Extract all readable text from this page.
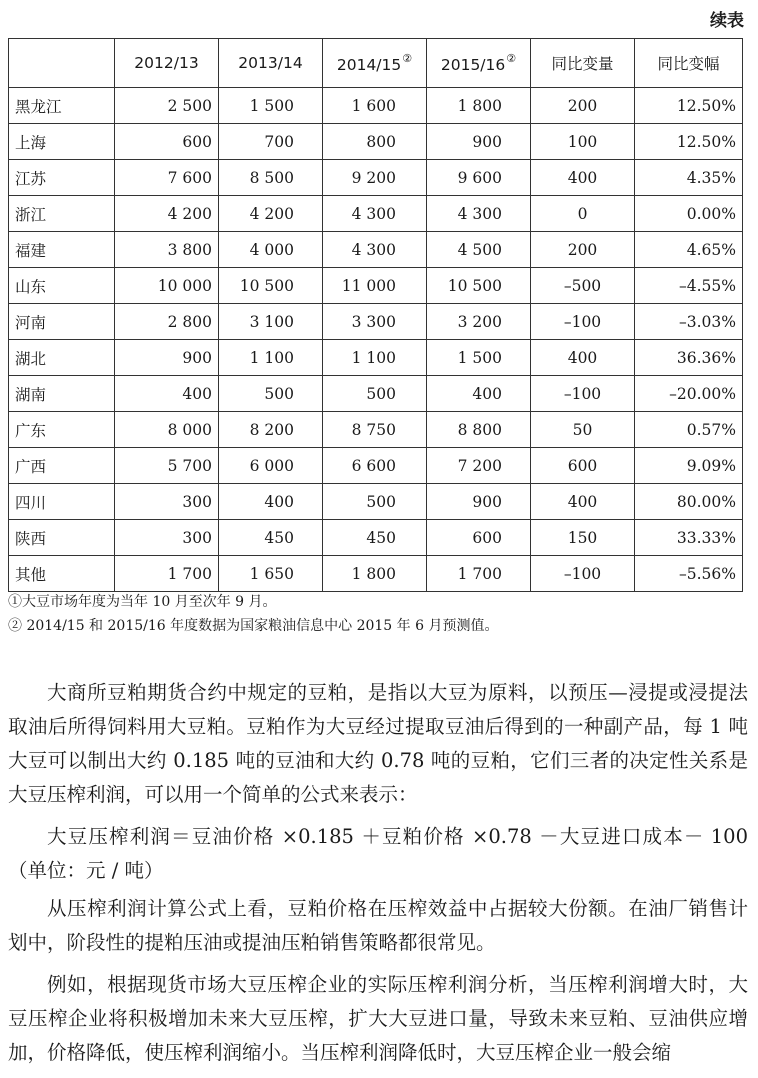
续表
	2012/13	2013/14	2014/15②	2015/16②	同比变量	同比变幅
黑龙江	2 500	1 500	1 600	1 800	200	12.50%
上海	600	700	800	900	100	12.50%
江苏	7 600	8 500	9 200	9 600	400	4.35%
浙江	4 200	4 200	4 300	4 300	0	0.00%
福建	3 800	4 000	4 300	4 500	200	4.65%
山东	10 000	10 500	11 000	10 500	–500	–4.55%
河南	2 800	3 100	3 300	3 200	–100	–3.03%
湖北	900	1 100	1 100	1 500	400	36.36%
湖南	400	500	500	400	–100	–20.00%
广东	8 000	8 200	8 750	8 800	50	0.57%
广西	5 700	6 000	6 600	7 200	600	9.09%
四川	300	400	500	900	400	80.00%
陕西	300	450	450	600	150	33.33%
其他	1 700	1 650	1 800	1 700	–100	–5.56%
①大豆市场年度为当年 10 月至次年 9 月。
② 2014/15 和 2015/16 年度数据为国家粮油信息中心 2015 年 6 月预测值。

大商所豆粕期货合约中规定的豆粕，是指以大豆为原料，以预压—浸提或浸提法取油后所得饲料用大豆粕。豆粕作为大豆经过提取豆油后得到的一种副产品，每 1 吨大豆可以制出大约 0.185 吨的豆油和大约 0.78 吨的豆粕，它们三者的决定性关系是大豆压榨利润，可以用一个简单的公式来表示：

大豆压榨利润＝豆油价格 ×0.185 ＋豆粕价格 ×0.78 －大豆进口成本－ 100（单位：元 / 吨）

从压榨利润计算公式上看，豆粕价格在压榨效益中占据较大份额。在油厂销售计划中，阶段性的提粕压油或提油压粕销售策略都很常见。

例如，根据现货市场大豆压榨企业的实际压榨利润分析，当压榨利润增大时，大豆压榨企业将积极增加未来大豆压榨，扩大大豆进口量，导致未来豆粕、豆油供应增加，价格降低，使压榨利润缩小。当压榨利润降低时，大豆压榨企业一般会缩
